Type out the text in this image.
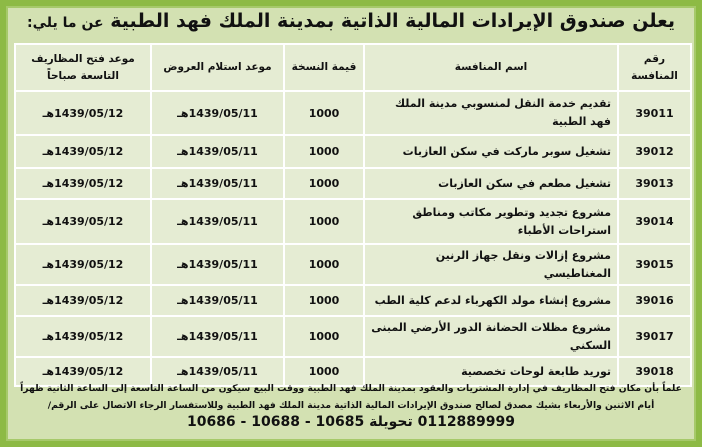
يعلن صندوق الإيرادات المالية الذاتية بمدينة الملك فهد الطبية عن ما يلي:
رقم المنافسة	اسم المنافسة	قيمة النسخة	موعد استلام العروض	موعد فتح المظاريف التاسعة صباحاً
39011	تقديم خدمة النقل لمنسوبي مدينة الملك فهد الطبية	1000	1439/05/11هـ	1439/05/12هـ
39012	تشغيل سوبر ماركت في سكن العازبات	1000	1439/05/11هـ	1439/05/12هـ
39013	تشغيل مطعم في سكن العازبات	1000	1439/05/11هـ	1439/05/12هـ
39014	مشروع تجديد وتطوير مكاتب ومناطق استراحات الأطباء	1000	1439/05/11هـ	1439/05/12هـ
39015	مشروع إزالات ونقل جهاز الرنين المغناطيسي	1000	1439/05/11هـ	1439/05/12هـ
39016	مشروع إنشاء مولد الكهرباء لدعم كلية الطب	1000	1439/05/11هـ	1439/05/12هـ
39017	مشروع مظلات الحضانة الدور الأرضي المبنى السكني	1000	1439/05/11هـ	1439/05/12هـ
39018	توريد طابعة لوحات تخصصية	1000	1439/05/11هـ	1439/05/12هـ
علماً بأن مكان فتح المظاريف في إدارة المشتريات والعقود بمدينة الملك فهد الطبية ووقت البيع سيكون من الساعة التاسعة إلى الساعة الثانية ظهراً
أيام الاثنين والأربعاء بشيك مصدق لصالح صندوق الإيرادات المالية الذاتية مدينة الملك فهد الطبية وللاستفسار الرجاء الاتصال على الرقم/
0112889999 تحويلة 10685 - 10688 - 10686
